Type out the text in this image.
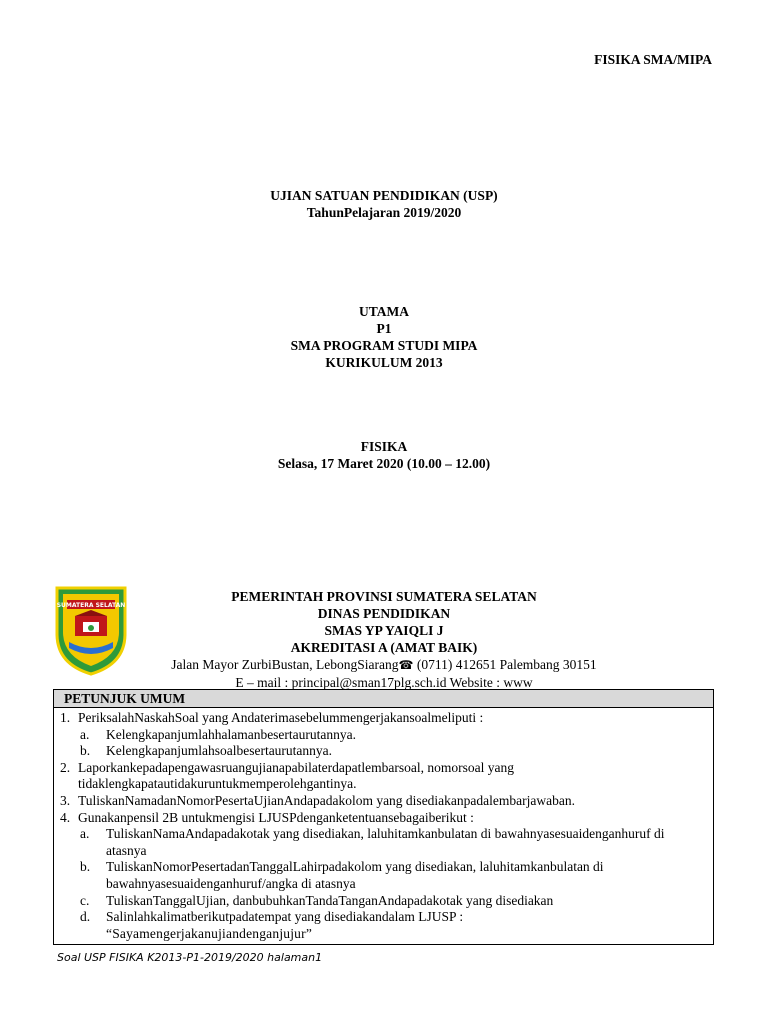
FISIKA SMA/MIPA
UJIAN SATUAN PENDIDIKAN (USP)
TahunPelajaran 2019/2020
UTAMA
P1
SMA PROGRAM STUDI MIPA
KURIKULUM 2013
FISIKA
Selasa, 17 Maret 2020 (10.00 – 12.00)
SUMATERA SELATAN
PEMERINTAH PROVINSI SUMATERA SELATAN
DINAS PENDIDIKAN
SMAS YP YAIQLI J
AKREDITASI A (AMAT BAIK)
Jalan Mayor ZurbiBustan, LebongSiarang☎ (0711) 412651 Palembang 30151
E – mail : principal@sman17plg.sch.id Website : www
PETUNJUK UMUM
1. PeriksalahNaskahSoal yang Andaterimasebelummengerjakansoalmeliputi :
a.	Kelengkapanjumlahhalamanbesertaurutannya.
b.	Kelengkapanjumlahsoalbesertaurutannya.
2. Laporkankepadapengawasruangujianapabilaterdapatlembarsoal, nomorsoal yang tidaklengkapatautidakuruntukmemperolehgantinya.
3. TuliskanNamadanNomorPesertaUjianAndapadakolom yang disediakanpadalembarjawaban.
4. Gunakanpensil 2B untukmengisi LJUSPdenganketentuansebagaiberikut :
a.	TuliskanNamaAndapadakotak yang disediakan, laluhitamkanbulatan di bawahnyasesuaidenganhuruf di atasnya
b.	TuliskanNomorPesertadanTanggalLahirpadakolom yang disediakan, laluhitamkanbulatan di bawahnyasesuaidenganhuruf/angka di atasnya
c.	TuliskanTanggalUjian, danbubuhkanTandaTanganAndapadakotak yang disediakan
d.	Salinlahkalimatberikutpadatempat yang disediakandalam LJUSP :
“Sayamengerjakanujiandenganjujur”
Soal USP FISIKA K2013-P1-2019/2020 halaman1
